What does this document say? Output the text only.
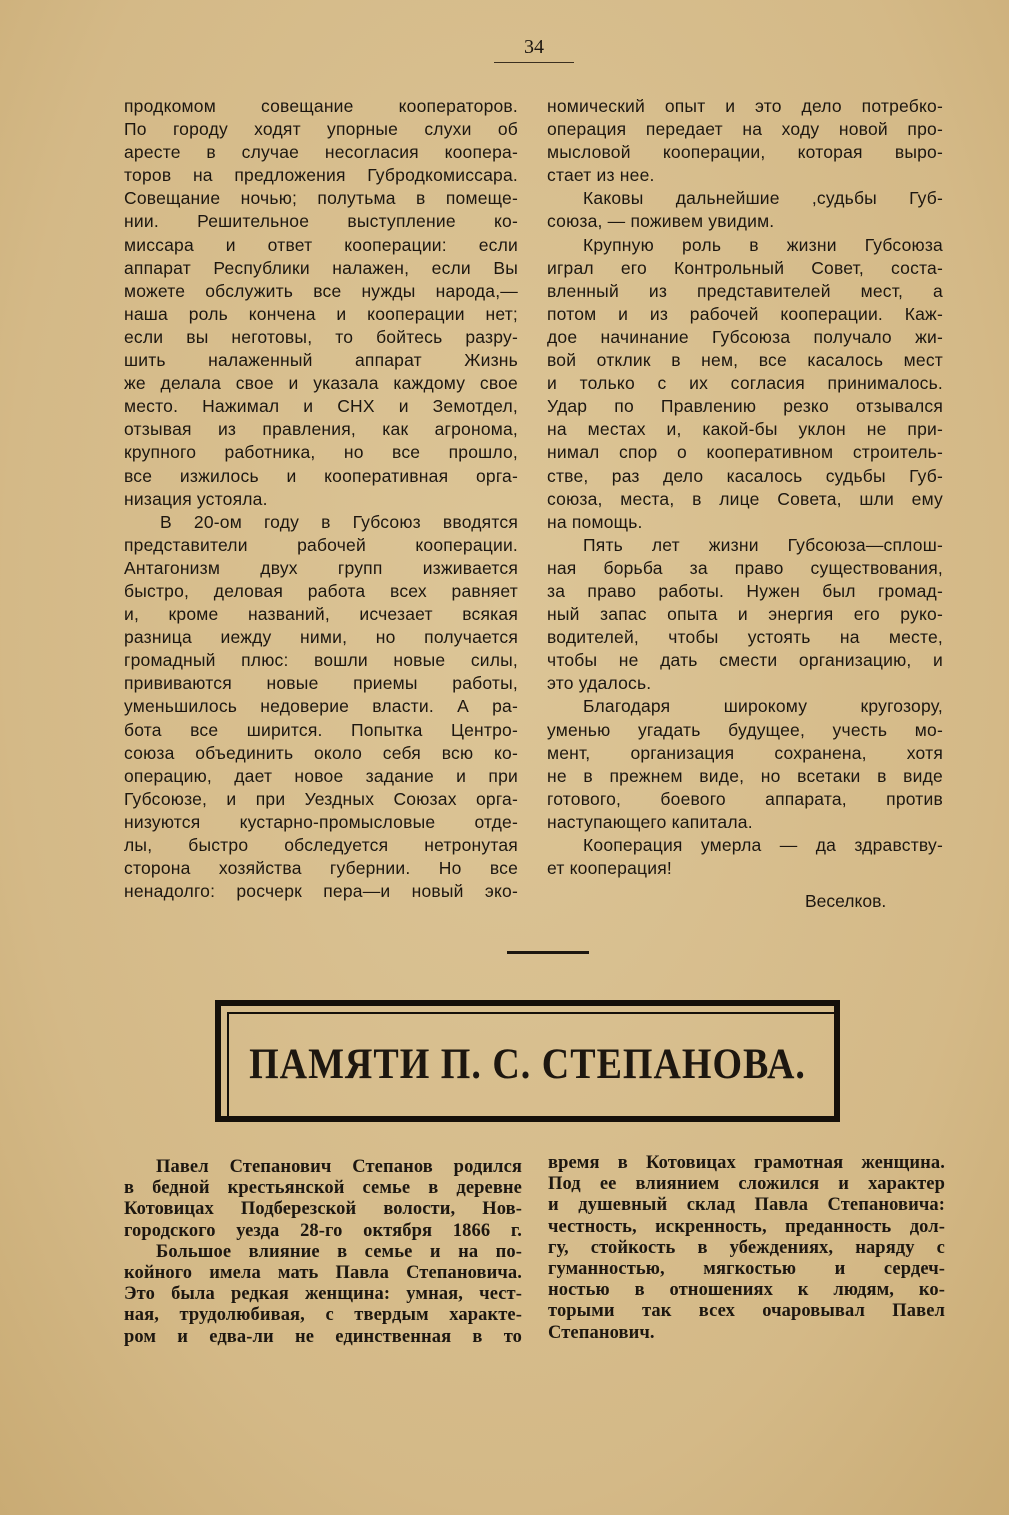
34
продкомом совещание кооператоров.
По городу ходят упорные слухи об
аресте в случае несогласия коопера-
торов на предложения Губродкомиссара.
Совещание ночью; полутьма в помеще-
нии. Решительное выступление ко-
миссара и ответ кооперации: если
аппарат Республики налажен, если Вы
можете обслужить все нужды народа,—
наша роль кончена и кооперации нет;
если вы неготовы, то бойтесь разру-
шить налаженный аппарат Жизнь
же делала свое и указала каждому свое
место. Нажимал и СНХ и Земотдел,
отзывая из правления, как агронома,
крупного работника, но все прошло,
все изжилось и кооперативная орга-
низация устояла.
В 20-ом году в Губсоюз вводятся
представители рабочей кооперации.
Антагонизм двух групп изживается
быстро, деловая работа всех равняет
и, кроме названий, исчезает всякая
разница иежду ними, но получается
громадный плюс: вошли новые силы,
прививаются новые приемы работы,
уменьшилось недоверие власти. А ра-
бота все ширится. Попытка Центро-
союза объединить около себя всю ко-
операцию, дает новое задание и при
Губсоюзе, и при Уездных Союзах орга-
низуются кустарно-промысловые отде-
лы, быстро обследуется нетронутая
сторона хозяйства губернии. Но все
ненадолго: росчерк пера—и новый эко-
номический опыт и это дело потребко-
операция передает на ходу новой про-
мысловой кооперации, которая выро-
стает из нее.
Каковы дальнейшие ,судьбы Губ-
союза, — поживем увидим.
Крупную роль в жизни Губсоюза
играл его Контрольный Совет, соста-
вленный из представителей мест, а
потом и из рабочей кооперации. Каж-
дое начинание Губсоюза получало жи-
вой отклик в нем, все касалось мест
и только с их согласия принималось.
Удар по Правлению резко отзывался
на местах и, какой-бы уклон не при-
нимал спор о кооперативном строитель-
стве, раз дело касалось судьбы Губ-
союза, места, в лице Совета, шли ему
на помощь.
Пять лет жизни Губсоюза—сплош-
ная борьба за право существования,
за право работы. Нужен был громад-
ный запас опыта и энергия его руко-
водителей, чтобы устоять на месте,
чтобы не дать смести организацию, и
это удалось.
Благодаря широкому кругозору,
уменью угадать будущее, учесть мо-
мент, организация сохранена, хотя
не в прежнем виде, но всетаки в виде
готового, боевого аппарата, против
наступающего капитала.
Кооперация умерла — да здравству-
ет кооперация!
Веселков.
ПАМЯТИ П. С. СТЕПАНОВА.
Павел Степанович Степанов родился
в бедной крестьянской семье в деревне
Котовицах Подберезской волости, Нов-
городского уезда 28-го октября 1866 г.
Большое влияние в семье и на по-
койного имела мать Павла Степановича.
Это была редкая женщина: умная, чест-
ная, трудолюбивая, с твердым характе-
ром и едва-ли не единственная в то
время в Котовицах грамотная женщина.
Под ее влиянием сложился и характер
и душевный склад Павла Степановича:
честность, искренность, преданность дол-
гу, стойкость в убеждениях, наряду с
гуманностью, мягкостью и сердеч-
ностью в отношениях к людям, ко-
торыми так всех очаровывал Павел
Степанович.
